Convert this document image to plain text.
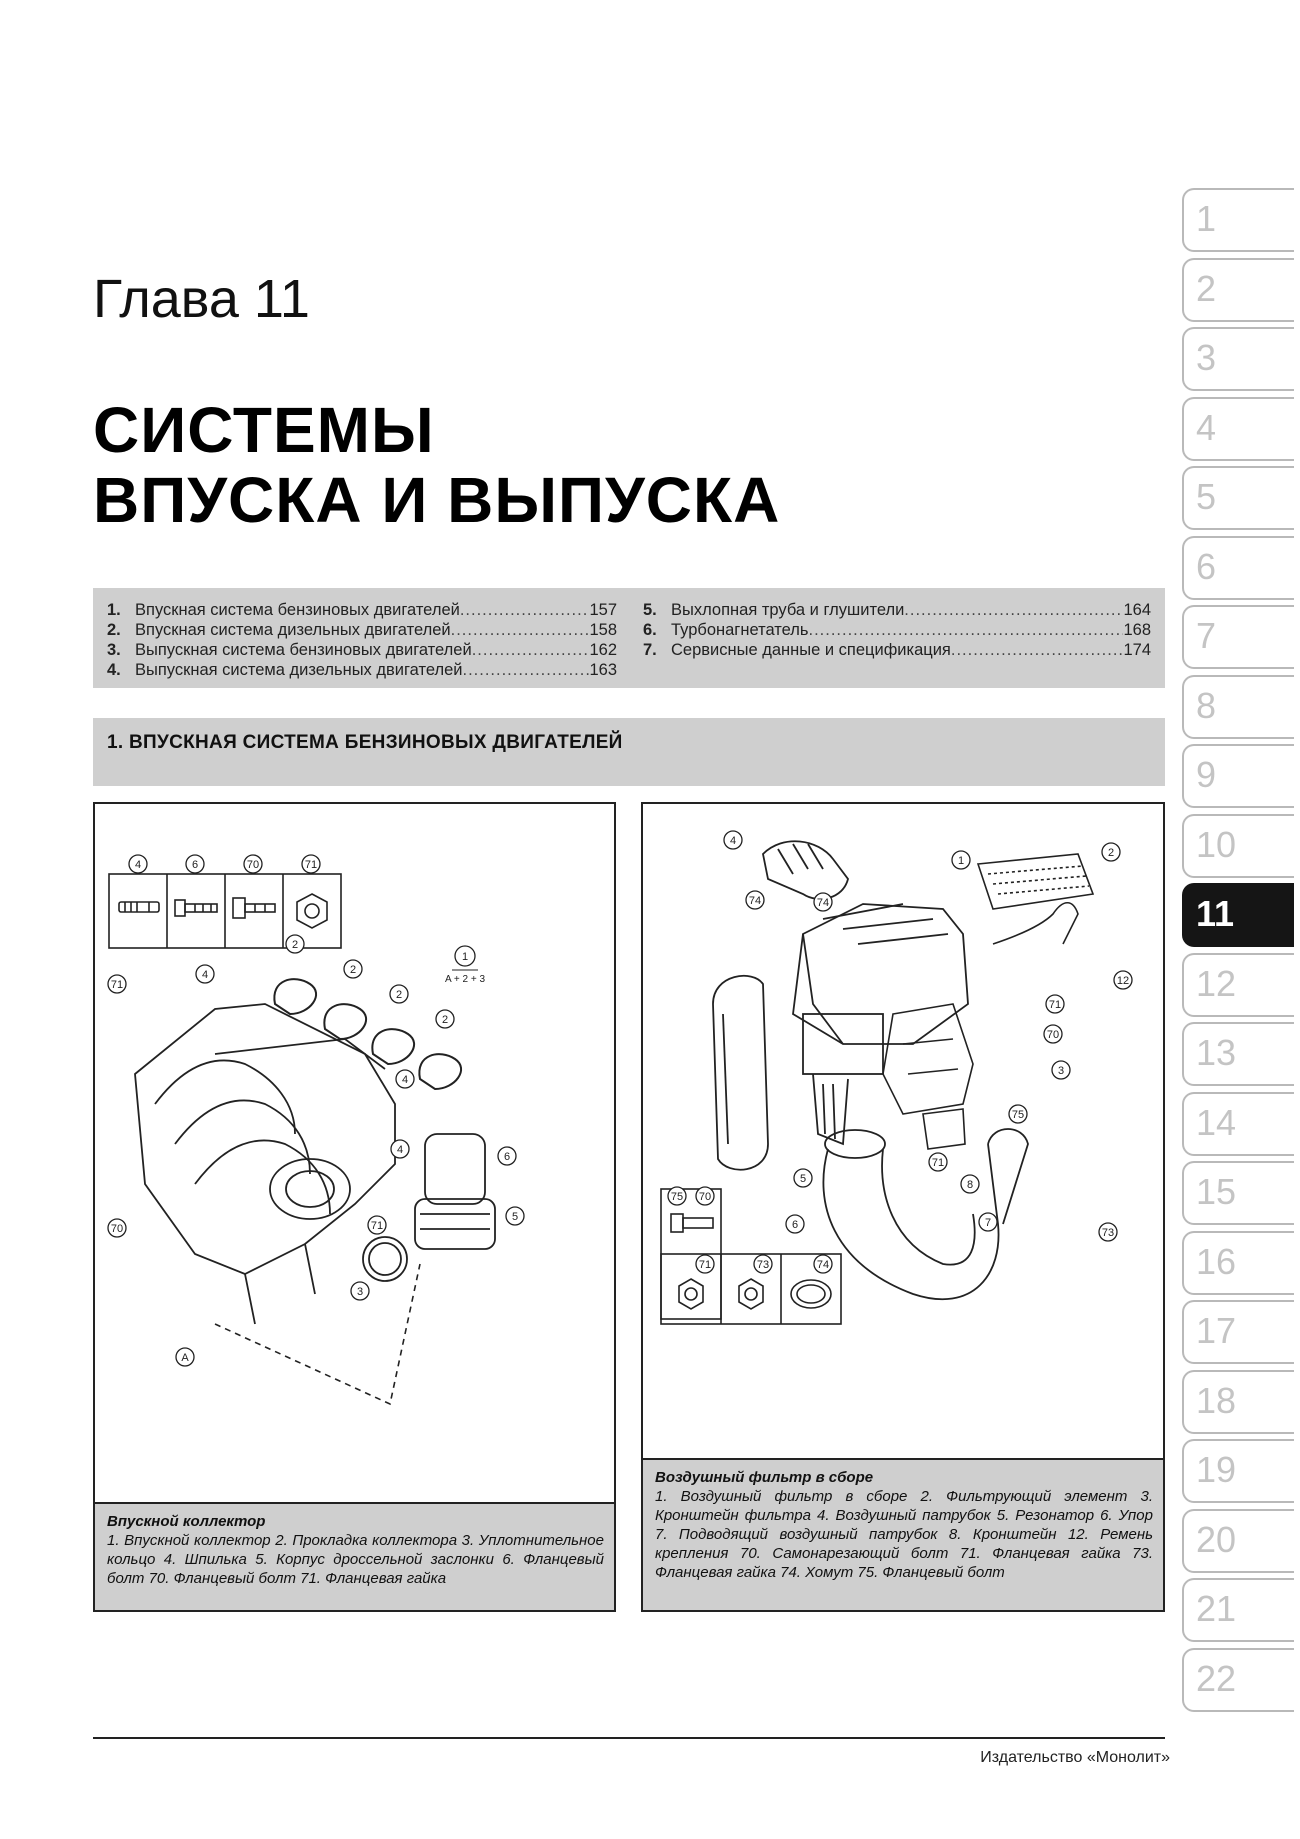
Глава 11
СИСТЕМЫ
ВПУСКА И ВЫПУСКА
1. Впускная система бензиновых двигателей .....	157
2. Впускная система дизельных двигателей .....	158
3. Выпускная система бензиновых двигателей .....	162
4. Выпускная система дизельных двигателей .....	163
5. Выхлопная труба и глушители .....	164
6. Турбонагнетатель .....	168
7. Сервисные данные и спецификация .....	174
1. ВПУСКНАЯ СИСТЕМА БЕНЗИНОВЫХ ДВИГАТЕЛЕЙ
4	6	70	71
1
A + 2 + 3
71
4
2
2
2
2
4
4
70	71
3
5
6
A
Впускной коллектор
1. Впускной коллектор 2. Прокладка коллектора 3. Уплотнительное кольцо 4. Шпилька 5. Корпус дроссельной заслонки 6. Фланцевый болт 70. Фланцевый болт 71. Фланцевая гайка
4
74	74
1
2
12
71
70
3
5
75
71
8
7
6
73
75 70
71	73	74
Воздушный фильтр в сборе
1. Воздушный фильтр в сборе 2. Фильтрующий элемент 3. Кронштейн фильтра 4. Воздушный патрубок 5. Резонатор 6. Упор 7. Подводящий воздушный патрубок 8. Кронштейн 12. Ремень крепления 70. Самонарезающий болт 71. Фланцевая гайка 73. Фланцевая гайка 74. Хомут 75. Фланцевый болт
1
2
3
4
5
6
7
8
9
10
11
12
13
14
15
16
17
18
19
20
21
22
Издательство «Монолит»
